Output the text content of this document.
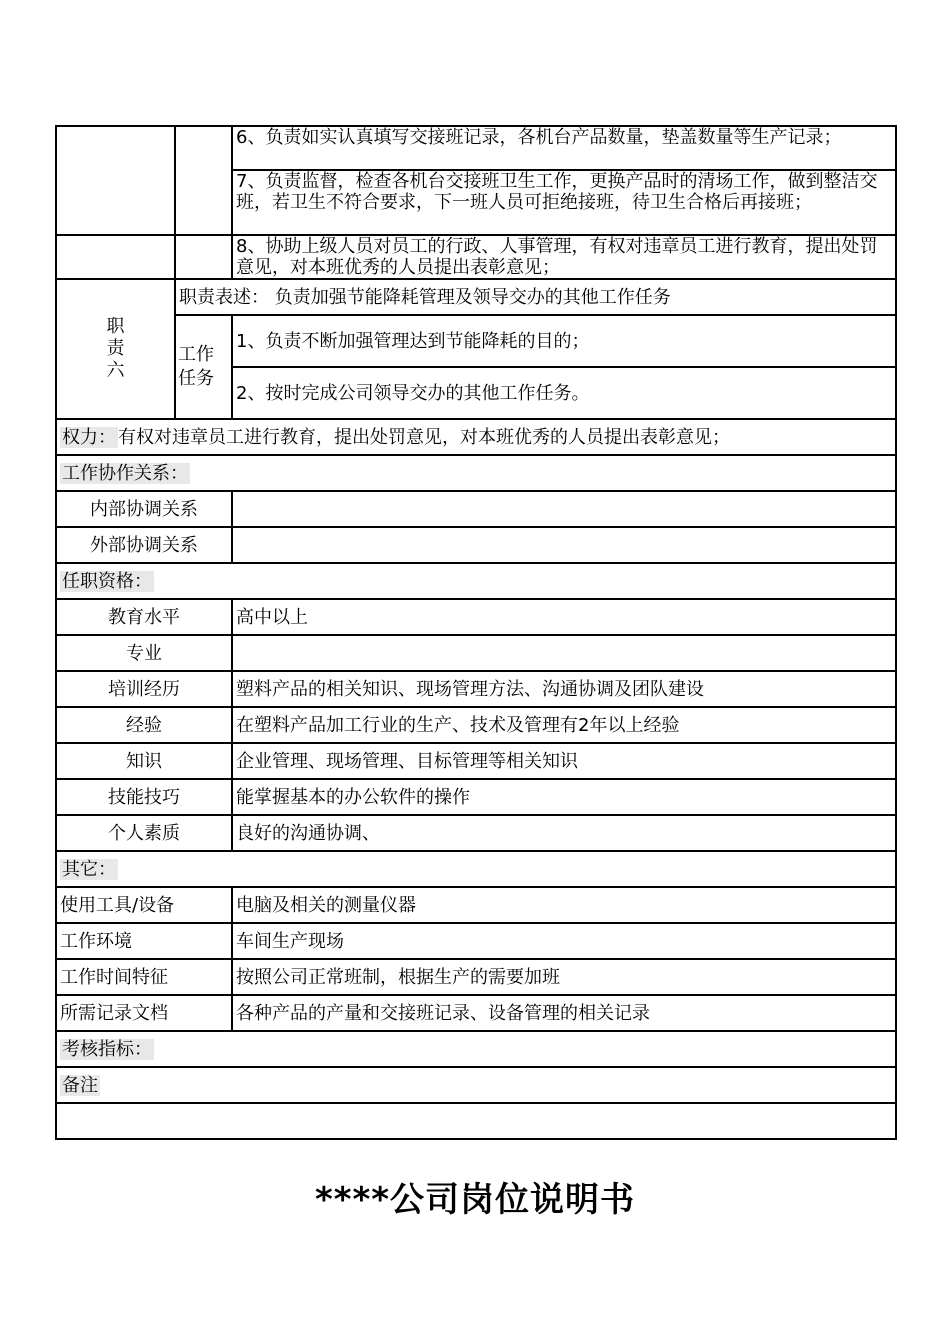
		6、负责如实认真填写交接班记录，各机台产品数量，垫盖数量等生产记录；
		7、负责监督，检查各机台交接班卫生工作，更换产品时的清场工作，做到整洁交班，若卫生不符合要求，下一班人员可拒绝接班，待卫生合格后再接班；
		8、协助上级人员对员工的行政、人事管理，有权对违章员工进行教育，提出处罚意见，对本班优秀的人员提出表彰意见；

职
责
六	职责表述： 负责加强节能降耗管理及领导交办的其他工作任务	

	工作
任务	1、负责不断加强管理达到节能降耗的目的；
		2、按时完成公司领导交办的其他工作任务。
权力： 有权对违章员工进行教育，提出处罚意见，对本班优秀的人员提出表彰意见；		
工作协作关系：		
内部协调关系		
外部协调关系		
任职资格：		
教育水平		高中以上
专业		
培训经历		塑料产品的相关知识、现场管理方法、沟通协调及团队建设
经验		在塑料产品加工行业的生产、技术及管理有2年以上经验
知识		企业管理、现场管理、目标管理等相关知识
技能技巧		能掌握基本的办公软件的操作
个人素质		良好的沟通协调、
其它：		
使用工具/设备		电脑及相关的测量仪器
工作环境		车间生产现场
工作时间特征		按照公司正常班制，根据生产的需要加班
所需记录文档		各种产品的产量和交接班记录、设备管理的相关记录
考核指标：		
备注		

****公司岗位说明书
